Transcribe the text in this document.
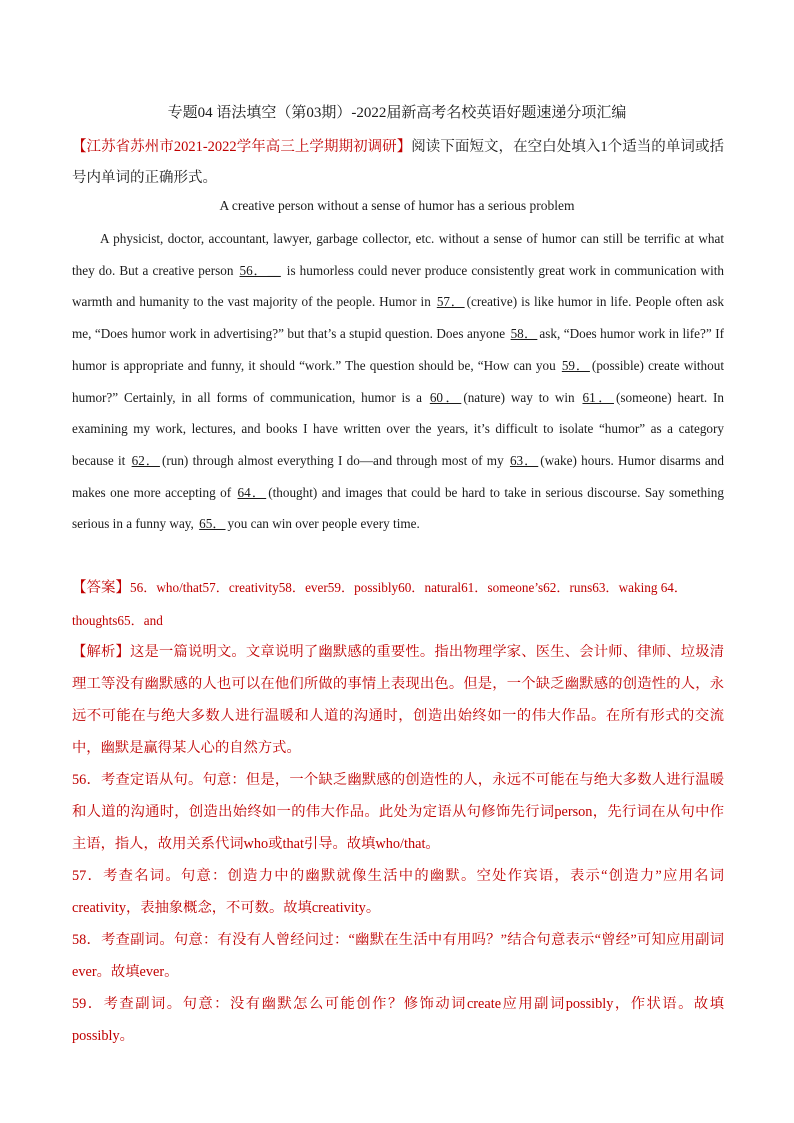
专题04 语法填空（第03期）-2022届新高考名校英语好题速递分项汇编
【江苏省苏州市2021-2022学年高三上学期期初调研】阅读下面短文，在空白处填入1个适当的单词或括号内单词的正确形式。
A creative person without a sense of humor has a serious problem

A physicist, doctor, accountant, lawyer, garbage collector, etc. without a sense of humor can still be terrific at what they do. But a creative person 56．__ is humorless could never produce consistently great work in communication with warmth and humanity to the vast majority of the people. Humor in 57． (creative) is like humor in life. People often ask me, “Does humor work in advertising?” but that’s a stupid question. Does anyone 58． ask, “Does humor work in life?” If humor is appropriate and funny, it should “work.” The question should be, “How can you 59． (possible) create without humor?” Certainly, in all forms of communication, humor is a 60． (nature) way to win 61． (someone) heart. In examining my work, lectures, and books I have written over the years, it’s difficult to isolate “humor” as a category because it 62． (run) through almost everything I do—and through most of my 63． (wake) hours. Humor disarms and makes one more accepting of 64． (thought) and images that could be hard to take in serious discourse. Say something serious in a funny way, 65． you can win over people every time.

【答案】56．who/that57．creativity58．ever59．possibly60．natural61．someone’s62．runs63．waking 64．thoughts65．and

【解析】这是一篇说明文。文章说明了幽默感的重要性。指出物理学家、医生、会计师、律师、垃圾清理工等没有幽默感的人也可以在他们所做的事情上表现出色。但是，一个缺乏幽默感的创造性的人，永远不可能在与绝大多数人进行温暖和人道的沟通时，创造出始终如一的伟大作品。在所有形式的交流中，幽默是赢得某人心的自然方式。

56．考查定语从句。句意：但是，一个缺乏幽默感的创造性的人，永远不可能在与绝大多数人进行温暖和人道的沟通时，创造出始终如一的伟大作品。此处为定语从句修饰先行词person，先行词在从句中作主语，指人，故用关系代词who或that引导。故填who/that。

57．考查名词。句意：创造力中的幽默就像生活中的幽默。空处作宾语，表示“创造力”应用名词creativity，表抽象概念，不可数。故填creativity。

58．考查副词。句意：有没有人曾经问过：“幽默在生活中有用吗？”结合句意表示“曾经”可知应用副词ever。故填ever。

59．考查副词。句意：没有幽默怎么可能创作？修饰动词create应用副词possibly，作状语。故填possibly。
